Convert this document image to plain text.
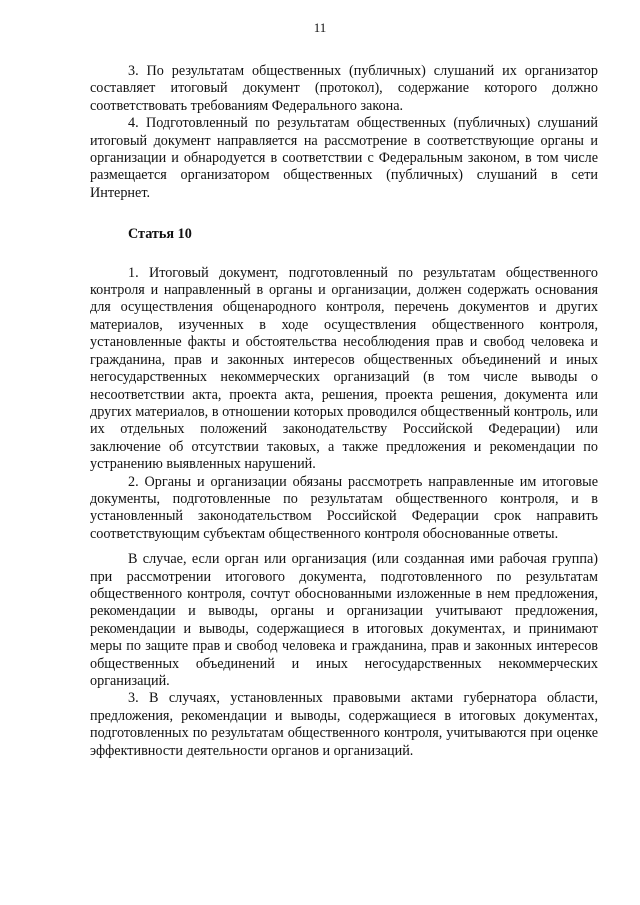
11

3. По результатам общественных (публичных) слушаний их организатор составляет итоговый документ (протокол), содержание которого должно соответствовать требованиям Федерального закона.

4. Подготовленный по результатам общественных (публичных) слушаний итоговый документ направляется на рассмотрение в соответствующие органы и организации и обнародуется в соответствии с Федеральным законом, в том числе размещается организатором общественных (публичных) слушаний в сети Интернет.

Статья 10

1. Итоговый документ, подготовленный по результатам общественного контроля и направленный в органы и организации, должен содержать основания для осуществления общенародного контроля, перечень документов и других материалов, изученных в ходе осуществления общественного контроля, установленные факты и обстоятельства несоблюдения прав и свобод человека и гражданина, прав и законных интересов общественных объединений и иных негосударственных некоммерческих организаций (в том числе выводы о несоответствии акта, проекта акта, решения, проекта решения, документа или других материалов, в отношении которых проводился общественный контроль, или их отдельных положений законодательству Российской Федерации) или заключение об отсутствии таковых, а также предложения и рекомендации по устранению выявленных нарушений.

2. Органы и организации обязаны рассмотреть направленные им итоговые документы, подготовленные по результатам общественного контроля, и в установленный законодательством Российской Федерации срок направить соответствующим субъектам общественного контроля обоснованные ответы.

В случае, если орган или организация (или созданная ими рабочая группа) при рассмотрении итогового документа, подготовленного по результатам общественного контроля, сочтут обоснованными изложенные в нем предложения, рекомендации и выводы, органы и организации учитывают предложения, рекомендации и выводы, содержащиеся в итоговых документах, и принимают меры по защите прав и свобод человека и гражданина, прав и законных интересов общественных объединений и иных негосударственных некоммерческих организаций.

3. В случаях, установленных правовыми актами губернатора области, предложения, рекомендации и выводы, содержащиеся в итоговых документах, подготовленных по результатам общественного контроля, учитываются при оценке эффективности деятельности органов и организаций.
